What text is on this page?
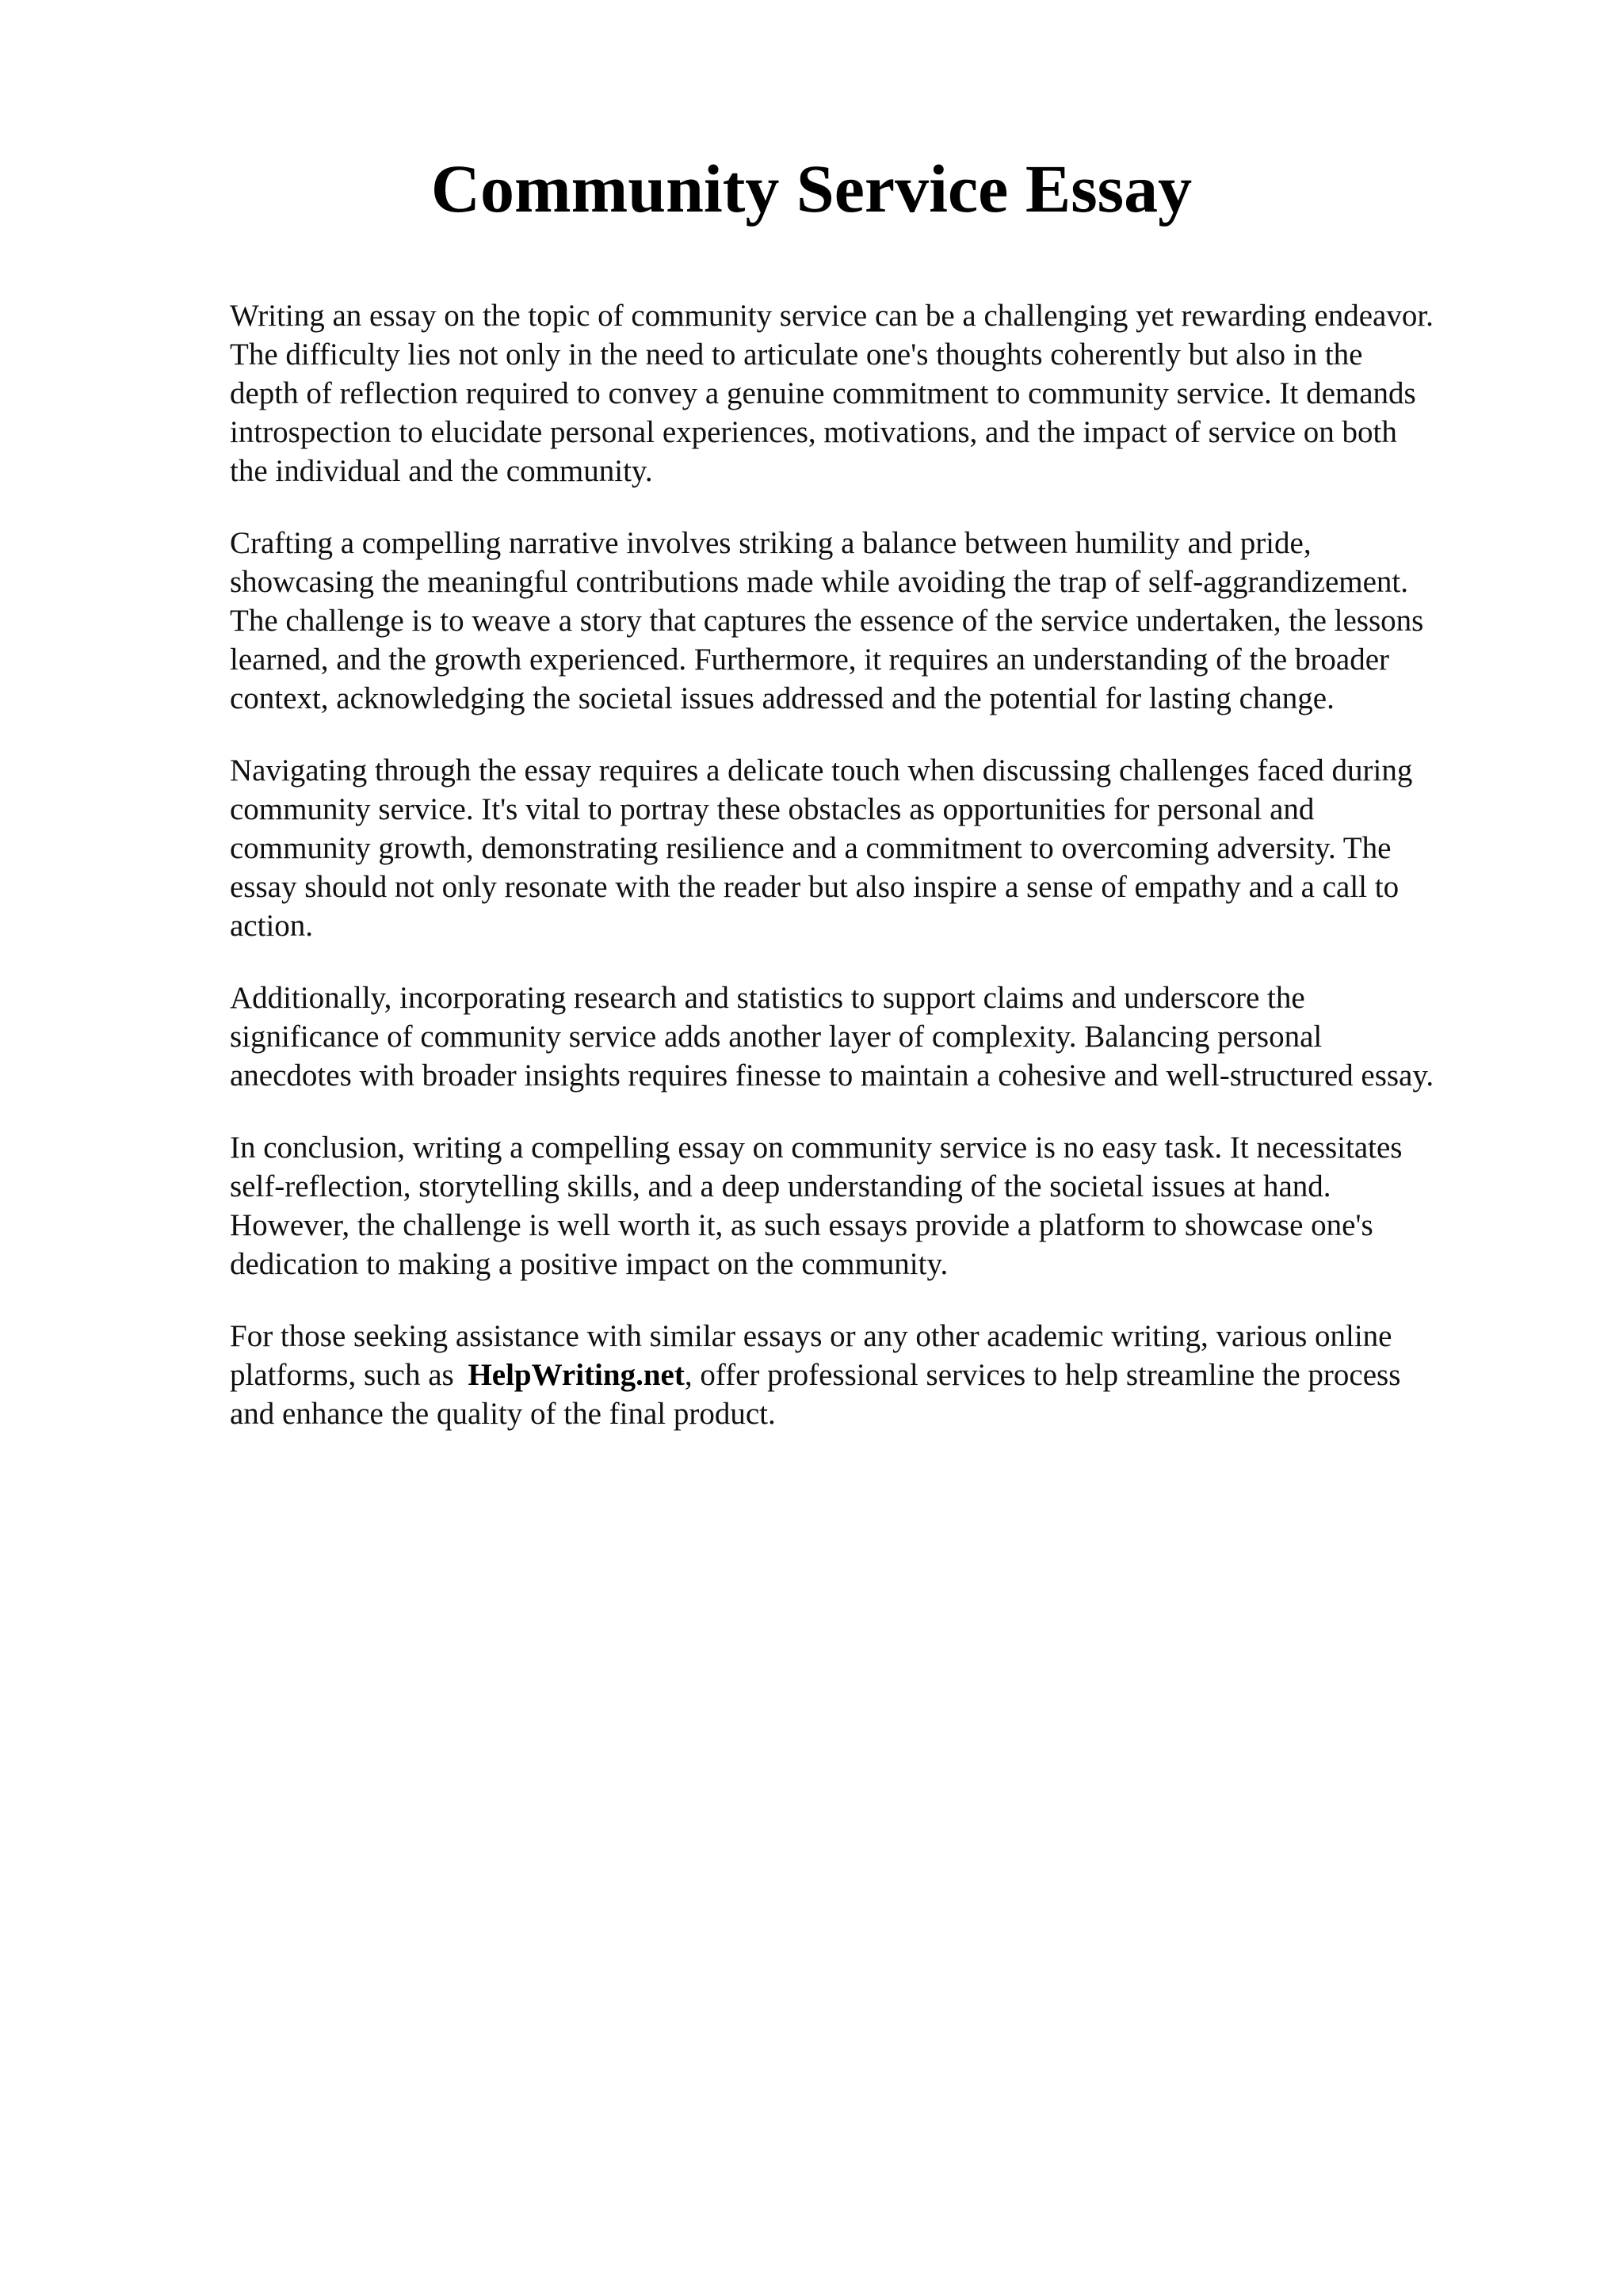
Community Service Essay

Writing an essay on the topic of community service can be a challenging yet rewarding endeavor.
The difficulty lies not only in the need to articulate one's thoughts coherently but also in the
depth of reflection required to convey a genuine commitment to community service. It demands
introspection to elucidate personal experiences, motivations, and the impact of service on both
the individual and the community.

Crafting a compelling narrative involves striking a balance between humility and pride,
showcasing the meaningful contributions made while avoiding the trap of self-aggrandizement.
The challenge is to weave a story that captures the essence of the service undertaken, the lessons
learned, and the growth experienced. Furthermore, it requires an understanding of the broader
context, acknowledging the societal issues addressed and the potential for lasting change.

Navigating through the essay requires a delicate touch when discussing challenges faced during
community service. It's vital to portray these obstacles as opportunities for personal and
community growth, demonstrating resilience and a commitment to overcoming adversity. The
essay should not only resonate with the reader but also inspire a sense of empathy and a call to
action.

Additionally, incorporating research and statistics to support claims and underscore the
significance of community service adds another layer of complexity. Balancing personal
anecdotes with broader insights requires finesse to maintain a cohesive and well-structured essay.

In conclusion, writing a compelling essay on community service is no easy task. It necessitates
self-reflection, storytelling skills, and a deep understanding of the societal issues at hand.
However, the challenge is well worth it, as such essays provide a platform to showcase one's
dedication to making a positive impact on the community.

For those seeking assistance with similar essays or any other academic writing, various online
platforms, such as HelpWriting.net, offer professional services to help streamline the process
and enhance the quality of the final product.
